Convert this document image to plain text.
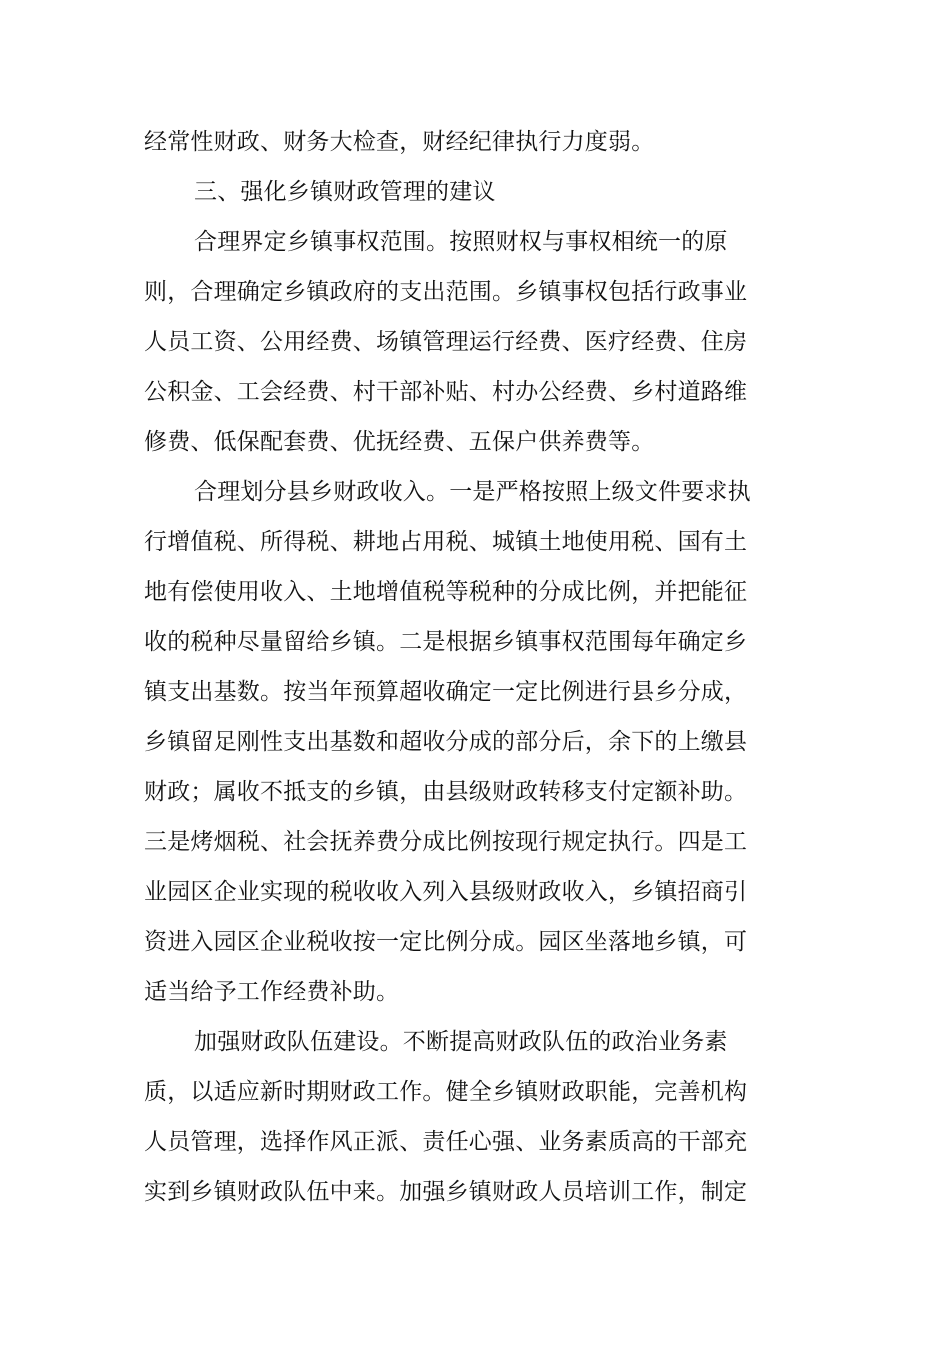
经常性财政、财务大检查，财经纪律执行力度弱。
三、强化乡镇财政管理的建议
合理界定乡镇事权范围。按照财权与事权相统一的原
则，合理确定乡镇政府的支出范围。乡镇事权包括行政事业
人员工资、公用经费、场镇管理运行经费、医疗经费、住房
公积金、工会经费、村干部补贴、村办公经费、乡村道路维
修费、低保配套费、优抚经费、五保户供养费等。
合理划分县乡财政收入。一是严格按照上级文件要求执
行增值税、所得税、耕地占用税、城镇土地使用税、国有土
地有偿使用收入、土地增值税等税种的分成比例，并把能征
收的税种尽量留给乡镇。二是根据乡镇事权范围每年确定乡
镇支出基数。按当年预算超收确定一定比例进行县乡分成，
乡镇留足刚性支出基数和超收分成的部分后，余下的上缴县
财政；属收不抵支的乡镇，由县级财政转移支付定额补助。
三是烤烟税、社会抚养费分成比例按现行规定执行。四是工
业园区企业实现的税收收入列入县级财政收入，乡镇招商引
资进入园区企业税收按一定比例分成。园区坐落地乡镇，可
适当给予工作经费补助。
加强财政队伍建设。不断提高财政队伍的政治业务素
质，以适应新时期财政工作。健全乡镇财政职能，完善机构
人员管理，选择作风正派、责任心强、业务素质高的干部充
实到乡镇财政队伍中来。加强乡镇财政人员培训工作，制定
